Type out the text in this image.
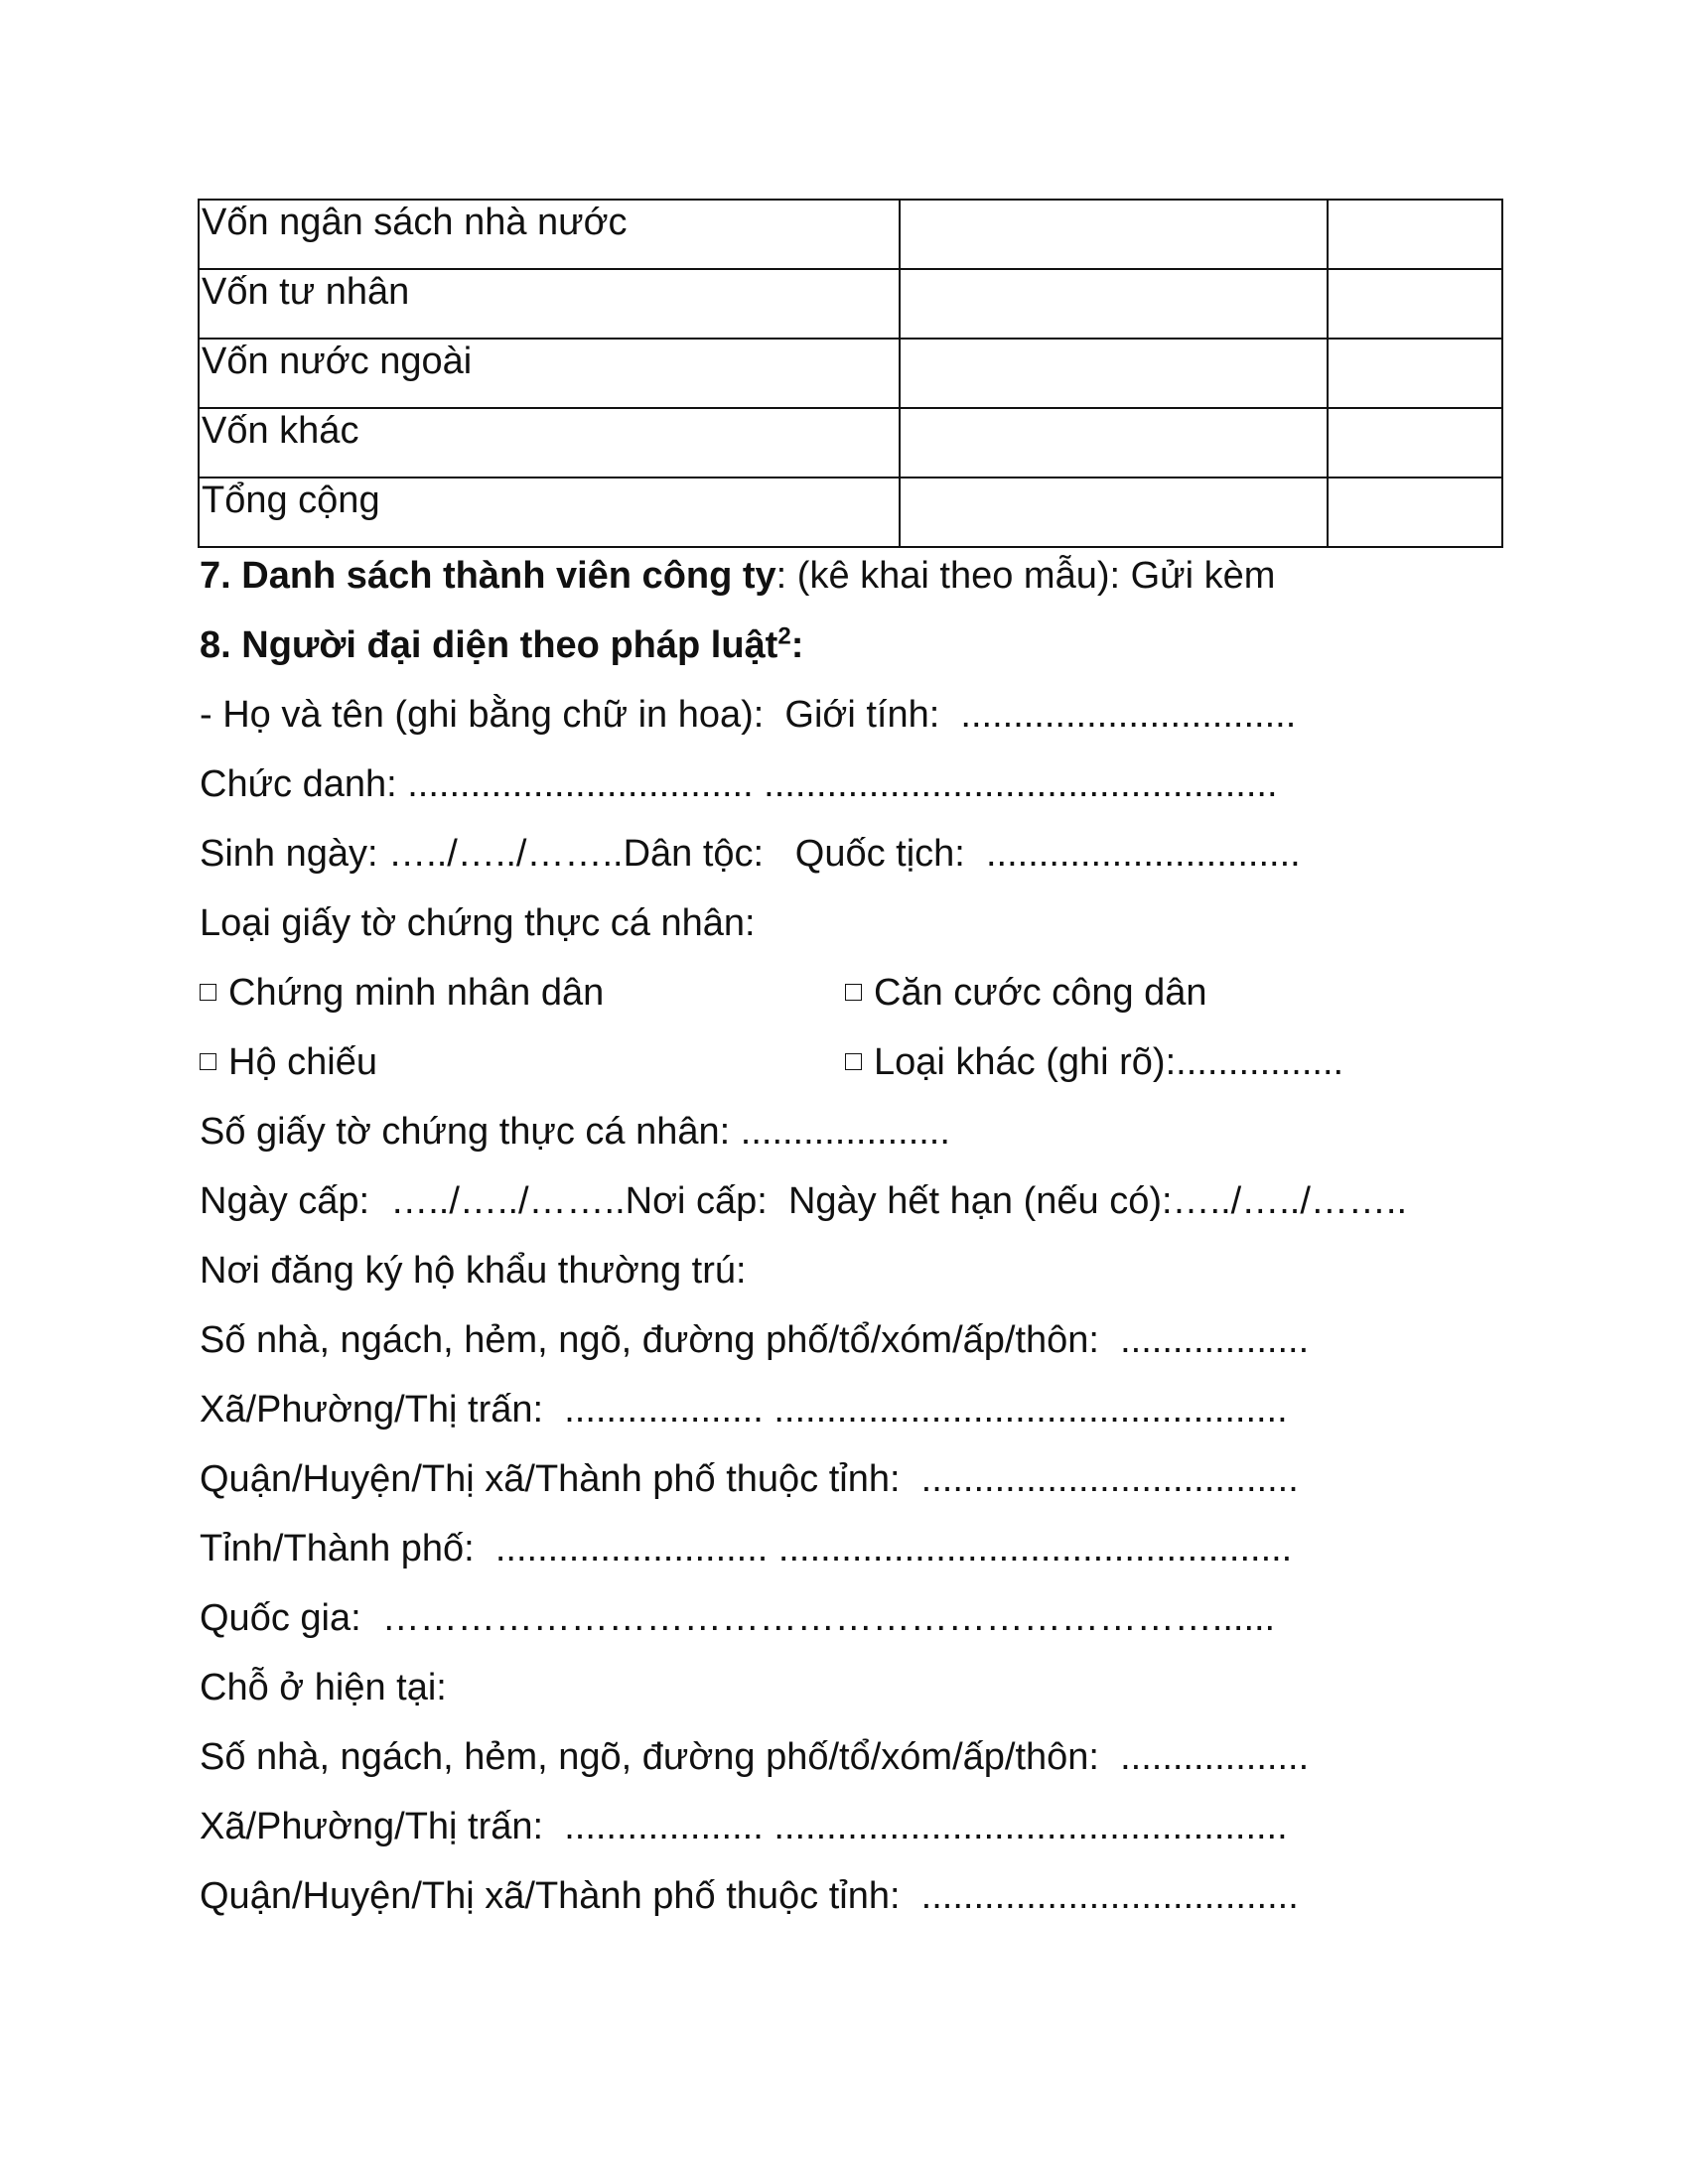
Vốn ngân sách nhà nước		
Vốn tư nhân		
Vốn nước ngoài		
Vốn khác		
Tổng cộng		
7. Danh sách thành viên công ty: (kê khai theo mẫu): Gửi kèm
8. Người đại diện theo pháp luật$^2$:
- Họ và tên (ghi bằng chữ in hoa):  Giới tính:  ................................
Chức danh: ................................. .................................................
Sinh ngày: …../…../……..Dân tộc:   Quốc tịch:  ..............................
Loại giấy tờ chứng thực cá nhân:
Chứng minh nhân dân	Căn cước công dân
Hộ chiếu	Loại khác (ghi rõ):................
Số giấy tờ chứng thực cá nhân: ....................
Ngày cấp:  …../…../……..Nơi cấp:  Ngày hết hạn (nếu có):…../…../……..
Nơi đăng ký hộ khẩu thường trú:
Số nhà, ngách, hẻm, ngõ, đường phố/tổ/xóm/ấp/thôn:  ..................
Xã/Phường/Thị trấn:  ................... .................................................
Quận/Huyện/Thị xã/Thành phố thuộc tỉnh:  ....................................
Tỉnh/Thành phố:  .......................... .................................................
Quốc gia:  …………………………………………………………......
Chỗ ở hiện tại:
Số nhà, ngách, hẻm, ngõ, đường phố/tổ/xóm/ấp/thôn:  ..................
Xã/Phường/Thị trấn:  ................... .................................................
Quận/Huyện/Thị xã/Thành phố thuộc tỉnh:  ....................................
